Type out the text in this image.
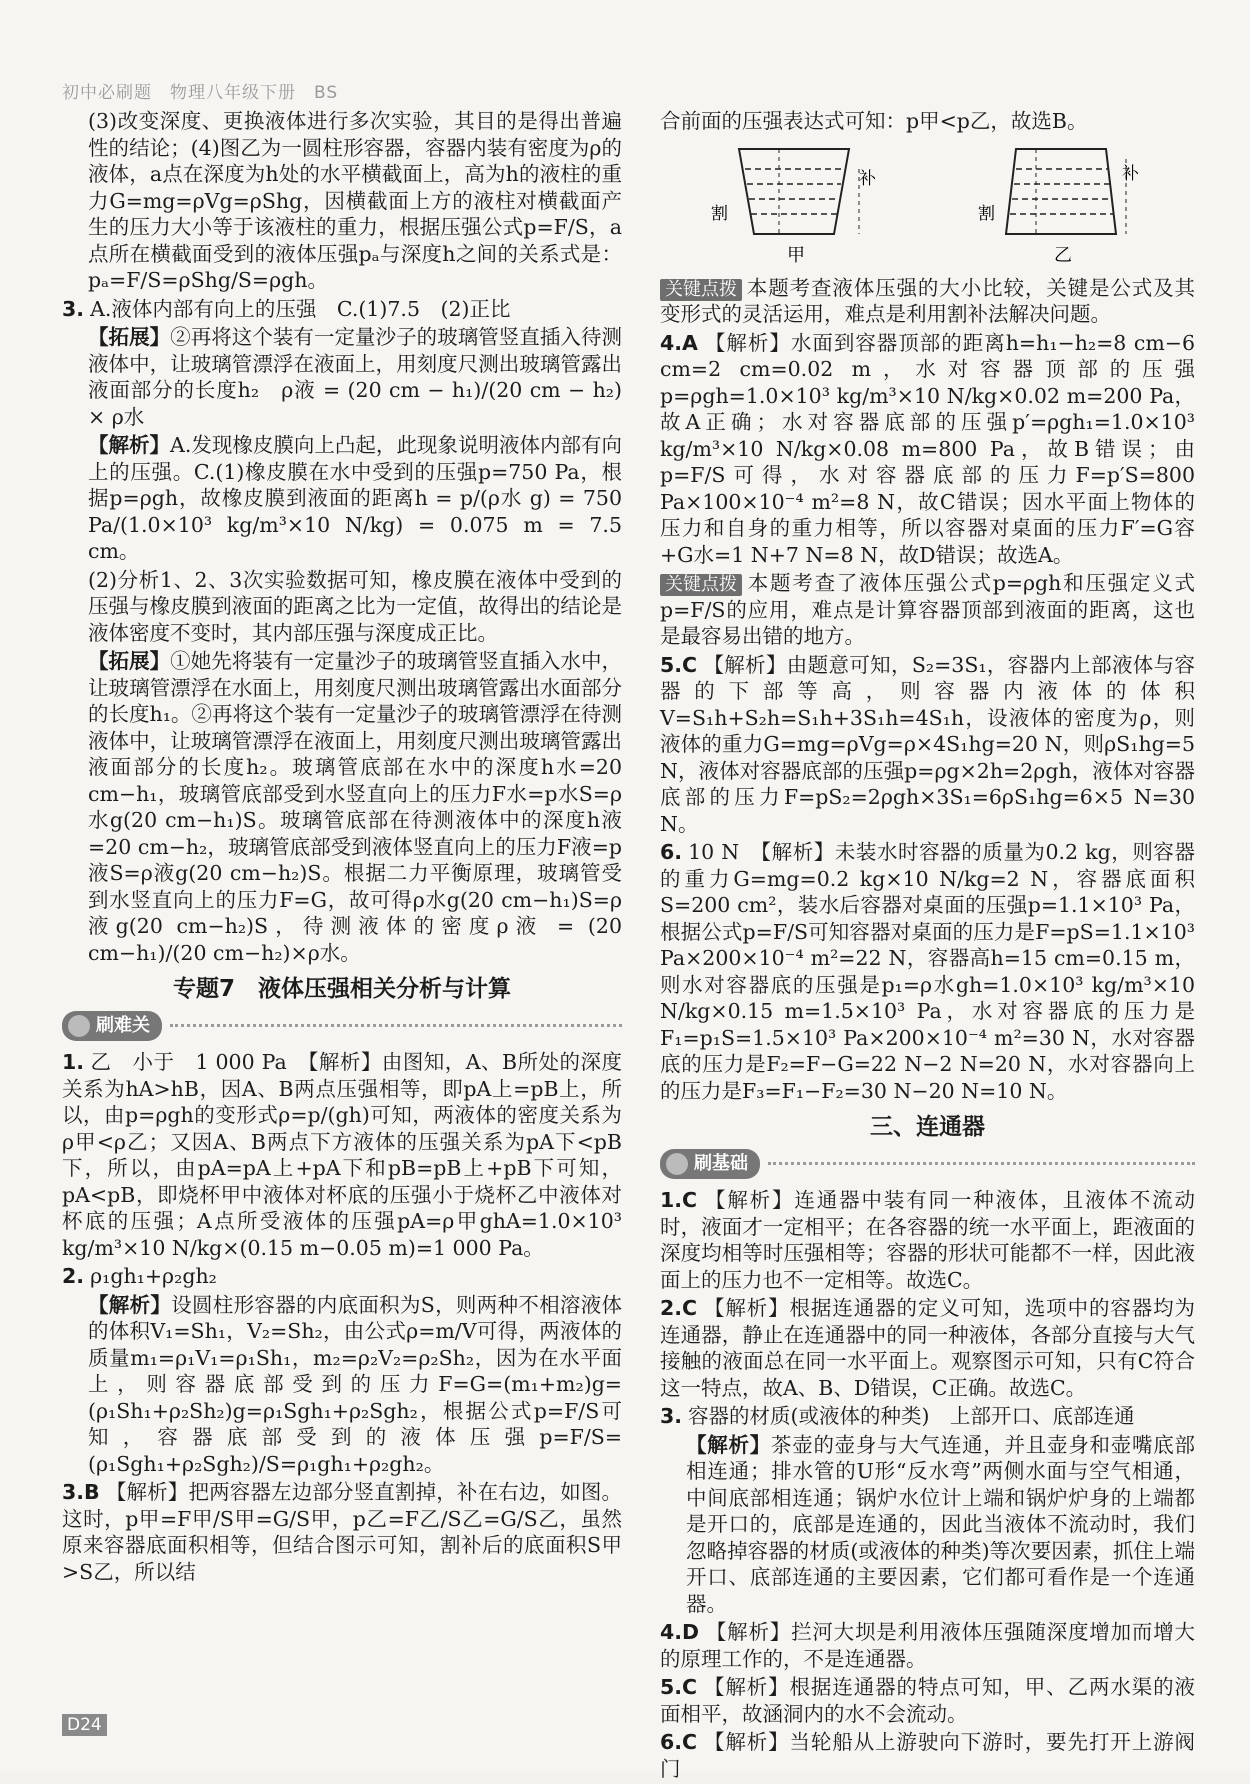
初中必刷题　物理八年级下册　BS

(3)改变深度、更换液体进行多次实验，其目的是得出普遍性的结论；(4)图乙为一圆柱形容器，容器内装有密度为ρ的液体，a点在深度为h处的水平横截面上，高为h的液柱的重力G=mg=ρVg=ρShg，因横截面上方的液柱对横截面产生的压力大小等于该液柱的重力，根据压强公式p=F/S，a点所在横截面受到的液体压强pₐ与深度h之间的关系式是：pₐ=F/S=ρShg/S=ρgh。

3. A.液体内部有向上的压强　C.(1)7.5　(2)正比

【拓展】②再将这个装有一定量沙子的玻璃管竖直插入待测液体中，让玻璃管漂浮在液面上，用刻度尺测出玻璃管露出液面部分的长度h₂　ρ液 = (20 cm − h₁)/(20 cm − h₂) × ρ水

【解析】A.发现橡皮膜向上凸起，此现象说明液体内部有向上的压强。C.(1)橡皮膜在水中受到的压强p=750 Pa，根据p=ρgh，故橡皮膜到液面的距离h = p/(ρ水 g) = 750 Pa/(1.0×10³ kg/m³×10 N/kg) = 0.075 m = 7.5 cm。

(2)分析1、2、3次实验数据可知，橡皮膜在液体中受到的压强与橡皮膜到液面的距离之比为一定值，故得出的结论是液体密度不变时，其内部压强与深度成正比。

【拓展】①她先将装有一定量沙子的玻璃管竖直插入水中，让玻璃管漂浮在水面上，用刻度尺测出玻璃管露出水面部分的长度h₁。②再将这个装有一定量沙子的玻璃管漂浮在待测液体中，让玻璃管漂浮在液面上，用刻度尺测出玻璃管露出液面部分的长度h₂。玻璃管底部在水中的深度h水=20 cm−h₁，玻璃管底部受到水竖直向上的压力F水=p水S=ρ水g(20 cm−h₁)S。玻璃管底部在待测液体中的深度h液=20 cm−h₂，玻璃管底部受到液体竖直向上的压力F液=p液S=ρ液g(20 cm−h₂)S。根据二力平衡原理，玻璃管受到水竖直向上的压力F=G，故可得ρ水g(20 cm−h₁)S=ρ液g(20 cm−h₂)S，待测液体的密度ρ液 = (20 cm−h₁)/(20 cm−h₂)×ρ水。

专题7　液体压强相关分析与计算
刷难关

1. 乙　小于　1 000 Pa　【解析】由图知，A、B所处的深度关系为hA>hB，因A、B两点压强相等，即pA上=pB上，所以，由p=ρgh的变形式ρ=p/(gh)可知，两液体的密度关系为ρ甲<ρ乙；又因A、B两点下方液体的压强关系为pA下<pB下，所以，由pA=pA上+pA下和pB=pB上+pB下可知，pA<pB，即烧杯甲中液体对杯底的压强小于烧杯乙中液体对杯底的压强；A点所受液体的压强pA=ρ甲ghA=1.0×10³ kg/m³×10 N/kg×(0.15 m−0.05 m)=1 000 Pa。

2. ρ₁gh₁+ρ₂gh₂

【解析】设圆柱形容器的内底面积为S，则两种不相溶液体的体积V₁=Sh₁，V₂=Sh₂，由公式ρ=m/V可得，两液体的质量m₁=ρ₁V₁=ρ₁Sh₁，m₂=ρ₂V₂=ρ₂Sh₂，因为在水平面上，则容器底部受到的压力F=G=(m₁+m₂)g=(ρ₁Sh₁+ρ₂Sh₂)g=ρ₁Sgh₁+ρ₂Sgh₂，根据公式p=F/S可知，容器底部受到的液体压强p=F/S=(ρ₁Sgh₁+ρ₂Sgh₂)/S=ρ₁gh₁+ρ₂gh₂。

3.B 【解析】把两容器左边部分竖直割掉，补在右边，如图。这时，p甲=F甲/S甲=G/S甲，p乙=F乙/S乙=G/S乙，虽然原来容器底面积相等，但结合图示可知，割补后的底面积S甲>S乙，所以结

合前面的压强表达式可知：p甲<p乙，故选B。

割
补
甲
割
补
乙

关键点拨 本题考查液体压强的大小比较，关键是公式及其变形式的灵活运用，难点是利用割补法解决问题。

4.A 【解析】水面到容器顶部的距离h=h₁−h₂=8 cm−6 cm=2 cm=0.02 m，水对容器顶部的压强p=ρgh=1.0×10³ kg/m³×10 N/kg×0.02 m=200 Pa，故A正确；水对容器底部的压强p′=ρgh₁=1.0×10³ kg/m³×10 N/kg×0.08 m=800 Pa，故B错误；由p=F/S可得，水对容器底部的压力F=p′S=800 Pa×100×10⁻⁴ m²=8 N，故C错误；因水平面上物体的压力和自身的重力相等，所以容器对桌面的压力F′=G容+G水=1 N+7 N=8 N，故D错误；故选A。

关键点拨 本题考查了液体压强公式p=ρgh和压强定义式p=F/S的应用，难点是计算容器顶部到液面的距离，这也是最容易出错的地方。

5.C 【解析】由题意可知，S₂=3S₁，容器内上部液体与容器的下部等高，则容器内液体的体积V=S₁h+S₂h=S₁h+3S₁h=4S₁h，设液体的密度为ρ，则液体的重力G=mg=ρVg=ρ×4S₁hg=20 N，则ρS₁hg=5 N，液体对容器底部的压强p=ρg×2h=2ρgh，液体对容器底部的压力F=pS₂=2ρgh×3S₁=6ρS₁hg=6×5 N=30 N。

6. 10 N　【解析】未装水时容器的质量为0.2 kg，则容器的重力G=mg=0.2 kg×10 N/kg=2 N，容器底面积S=200 cm²，装水后容器对桌面的压强p=1.1×10³ Pa，根据公式p=F/S可知容器对桌面的压力是F=pS=1.1×10³ Pa×200×10⁻⁴ m²=22 N，容器高h=15 cm=0.15 m，则水对容器底的压强是p₁=ρ水gh=1.0×10³ kg/m³×10 N/kg×0.15 m=1.5×10³ Pa，水对容器底的压力是F₁=p₁S=1.5×10³ Pa×200×10⁻⁴ m²=30 N，水对容器底的压力是F₂=F−G=22 N−2 N=20 N，水对容器向上的压力是F₃=F₁−F₂=30 N−20 N=10 N。

三、连通器
刷基础

1.C 【解析】连通器中装有同一种液体，且液体不流动时，液面才一定相平；在各容器的统一水平面上，距液面的深度均相等时压强相等；容器的形状可能都不一样，因此液面上的压力也不一定相等。故选C。

2.C 【解析】根据连通器的定义可知，选项中的容器均为连通器，静止在连通器中的同一种液体，各部分直接与大气接触的液面总在同一水平面上。观察图示可知，只有C符合这一特点，故A、B、D错误，C正确。故选C。

3. 容器的材质(或液体的种类)　上部开口、底部连通

【解析】茶壶的壶身与大气连通，并且壶身和壶嘴底部相连通；排水管的U形“反水弯”两侧水面与空气相通，中间底部相连通；锅炉水位计上端和锅炉炉身的上端都是开口的，底部是连通的，因此当液体不流动时，我们忽略掉容器的材质(或液体的种类)等次要因素，抓住上端开口、底部连通的主要因素，它们都可看作是一个连通器。

4.D 【解析】拦河大坝是利用液体压强随深度增加而增大的原理工作的，不是连通器。

5.C 【解析】根据连通器的特点可知，甲、乙两水渠的液面相平，故涵洞内的水不会流动。

6.C 【解析】当轮船从上游驶向下游时，要先打开上游阀门

D24
